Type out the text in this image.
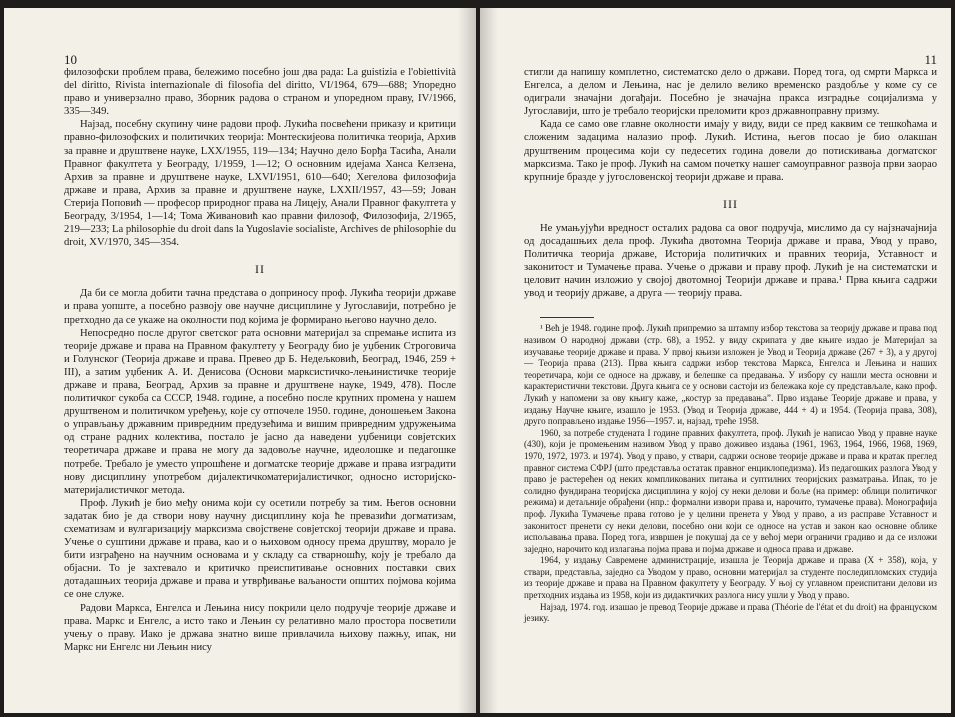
10

филозофски проблем права, бележимо посебно још два рада: La guistizia e l'obiettività del diritto, Rivista internazionale di filosofia del diritto, VI/1964, 679—688; Упоредно право и универзално право, Зборник радова о страном и упоредном праву, IV/1966, 335—349.

Најзад, посебну скупину чине радови проф. Лукића посвећени приказу и критици правно-филозофских и политичких теорија: Монтескијеова политичка теорија, Архив за правне и друштвене науке, LXX/1955, 119—134; Научно дело Борђа Тасића, Анали Правног факултета у Београду, 1/1959, 1—12; О основним идејама Ханса Келзена, Архив за правне и друштвене науке, LXVI/1951, 610—640; Хегелова филозофија државе и права, Архив за правне и друштвене науке, LXXII/1957, 43—59; Јован Стерија Поповић — професор природног права на Лицеју, Анали Правног факултета у Београду, 3/1954, 1—14; Тома Живановић као правни филозоф, Филозофија, 2/1965, 219—233; La philosophie du droit dans la Yugoslavie socialiste, Archives de philosophie du droit, XV/1970, 345—354.

II

Да би се могла добити тачна представа о доприносу проф. Лукића теорији државе и права уопште, а посебно развоју ове научне дисциплине у Југославији, потребно је претходно да се укаже на околности под којима је формирано његово научно дело.

Непосредно после другог светског рата основни материјал за спремање испита из теорије државе и права на Правном факултету у Београду био је уџбеник Строговича и Голунског (Теорија државе и права. Превео др Б. Недељковић, Београд, 1946, 259 + III), а затим уџбеник А. И. Денисова (Основи марксистичко-лењинистичке теорије државе и права, Београд, Архив за правне и друштвене науке, 1949, 478). После политичког сукоба са СССР, 1948. године, а посебно после крупних промена у нашем друштвеном и политичком уређењу, које су отпочеле 1950. године, доношењем Закона о управљању државним привредним предузећима и вишим привредним удружењима од стране радних колектива, постало је јасно да наведени уџбеници совјетских теоретичара државе и права не могу да задовоље научне, идеолошке и педагошке потребе. Требало је уместо упрошћене и догматске теорије државе и права изградити нову дисциплину употребом дијалектичкоматеријалистичког, односно историјско-материјалистичког метода.

Проф. Лукић је био међу онима који су осетили потребу за тим. Његов основни задатак био је да створи нову научну дисциплину која ће превазићи догматизам, схематизам и вулгаризацију марксизма својствене совјетској теорији државе и права. Учење о суштини државе и права, као и о њиховом односу према друштву, морало је бити изграђено на научним основама и у складу са стварношћу, коју је требало да објасни. То је захтевало и критичко преиспитивање основних поставки свих дотадашњих теорија државе и права и утврђивање ваљаности општих појмова којима се оне служе.

Радови Маркса, Енгелса и Лењина нису покрили цело подручје теорије државе и права. Маркс и Енгелс, а исто тако и Лењин су релативно мало простора посветили учењу о праву. Иако је држава знатно више привлачила њихову пажњу, ипак, ни Маркс ни Енгелс ни Лењин нису

11

стигли да напишу комплетно, систематско дело о држави. Поред тога, од смрти Маркса и Енгелса, а делом и Лењина, нас је делило велико временско раздобље у коме су се одиграли значајни догађаји. Посебно је значајна пракса изградње социјализма у Југославији, што је требало теоријски преломити кроз државноправну призму.

Када се само ове главне околности имају у виду, види се пред каквим се тешкоћама и сложеним задацима налазио проф. Лукић. Истина, његов посао је био олакшан друштвеним процесима који су педесетих година довели до потискивања догматског марксизма. Тако је проф. Лукић на самом почетку нашег самоуправног развоја први заорао крупније бразде у југословенској теорији државе и права.

III

Не умањујући вредност осталих радова са овог подручја, мислимо да су најзначајнија од досадашњих дела проф. Лукића двотомна Теорија државе и права, Увод у право, Политичка теорија државе, Историја политичких и правних теорија, Уставност и законитост и Тумачење права. Учење о држави и праву проф. Лукић је на систематски и целовит начин изложио у својој двотомној Теорији државе и права.¹ Прва књига садржи увод и теорију државе, а друга — теорију права.

¹ Већ је 1948. године проф. Лукић припремио за штампу избор текстова за теорију државе и права под називом О народној држави (стр. 68), а 1952. у виду скрипата у две књиге издао је Материјал за изучавање теорије државе и права. У првој књизи изложен је Увод и Теорија државе (267 + 3), а у другој — Теорија права (213). Прва књига садржи избор текстова Маркса, Енгелса и Лењина и наших теоретичара, који се односе на државу, и белешке са предавања. У избору су нашли места основни и карактеристични текстови. Друга књига се у основи састоји из бележака које су представљале, како проф. Лукић у напомени за ову књигу каже, „костур за предавања”. Прво издање Теорије државе и права, у издању Научне књиге, изашло је 1953. (Увод и Теорија државе, 444 + 4) и 1954. (Теорија права, 308), друго поправљено издање 1956—1957. и, најзад, треће 1958.

1960, за потребе студената I године правних факултета, проф. Лукић је написао Увод у правне науке (430), који је промењеним називом Увод у право доживео издања (1961, 1963, 1964, 1966, 1968, 1969, 1970, 1972, 1973. и 1974). Увод у право, у ствари, садржи основе теорије државе и права и кратак преглед правног система СФРЈ (што представља остатак правног енциклопедизма). Из педагошких разлога Увод у право је растерећен од неких компликованих питања и суптилних теоријских разматрања. Ипак, то је солидно фундирана теоријска дисциплина у којој су неки делови и боље (на пример: облици политичког режима) и детаљније обрађени (нпр.: формални извори права и, нарочито, тумачење права). Монографија проф. Лукића Тумачење права готово је у целини пренета у Увод у право, а из расправе Уставност и законитост пренети су неки делови, посебно они који се односе на устав и закон као основне облике испољавања права. Поред тога, извршен је покушај да се у већој мери ограничи градиво и да се изложи заједно, нарочито код излагања појма права и појма државе и односа права и државе.

1964, у издању Савремене администрације, изашла је Теорија државе и права (X + 358), која, у ствари, представља, заједно са Уводом у право, основни материјал за студенте последипломских студија из теорије државе и права на Правном факултету у Београду. У њој су углавном преиспитани делови из претходних издања из 1958, који из дидактичких разлога нису ушли у Увод у право.

Најзад, 1974. год. изашао је превод Теорије државе и права (Théorie de l'état et du droit) на француском језику.
